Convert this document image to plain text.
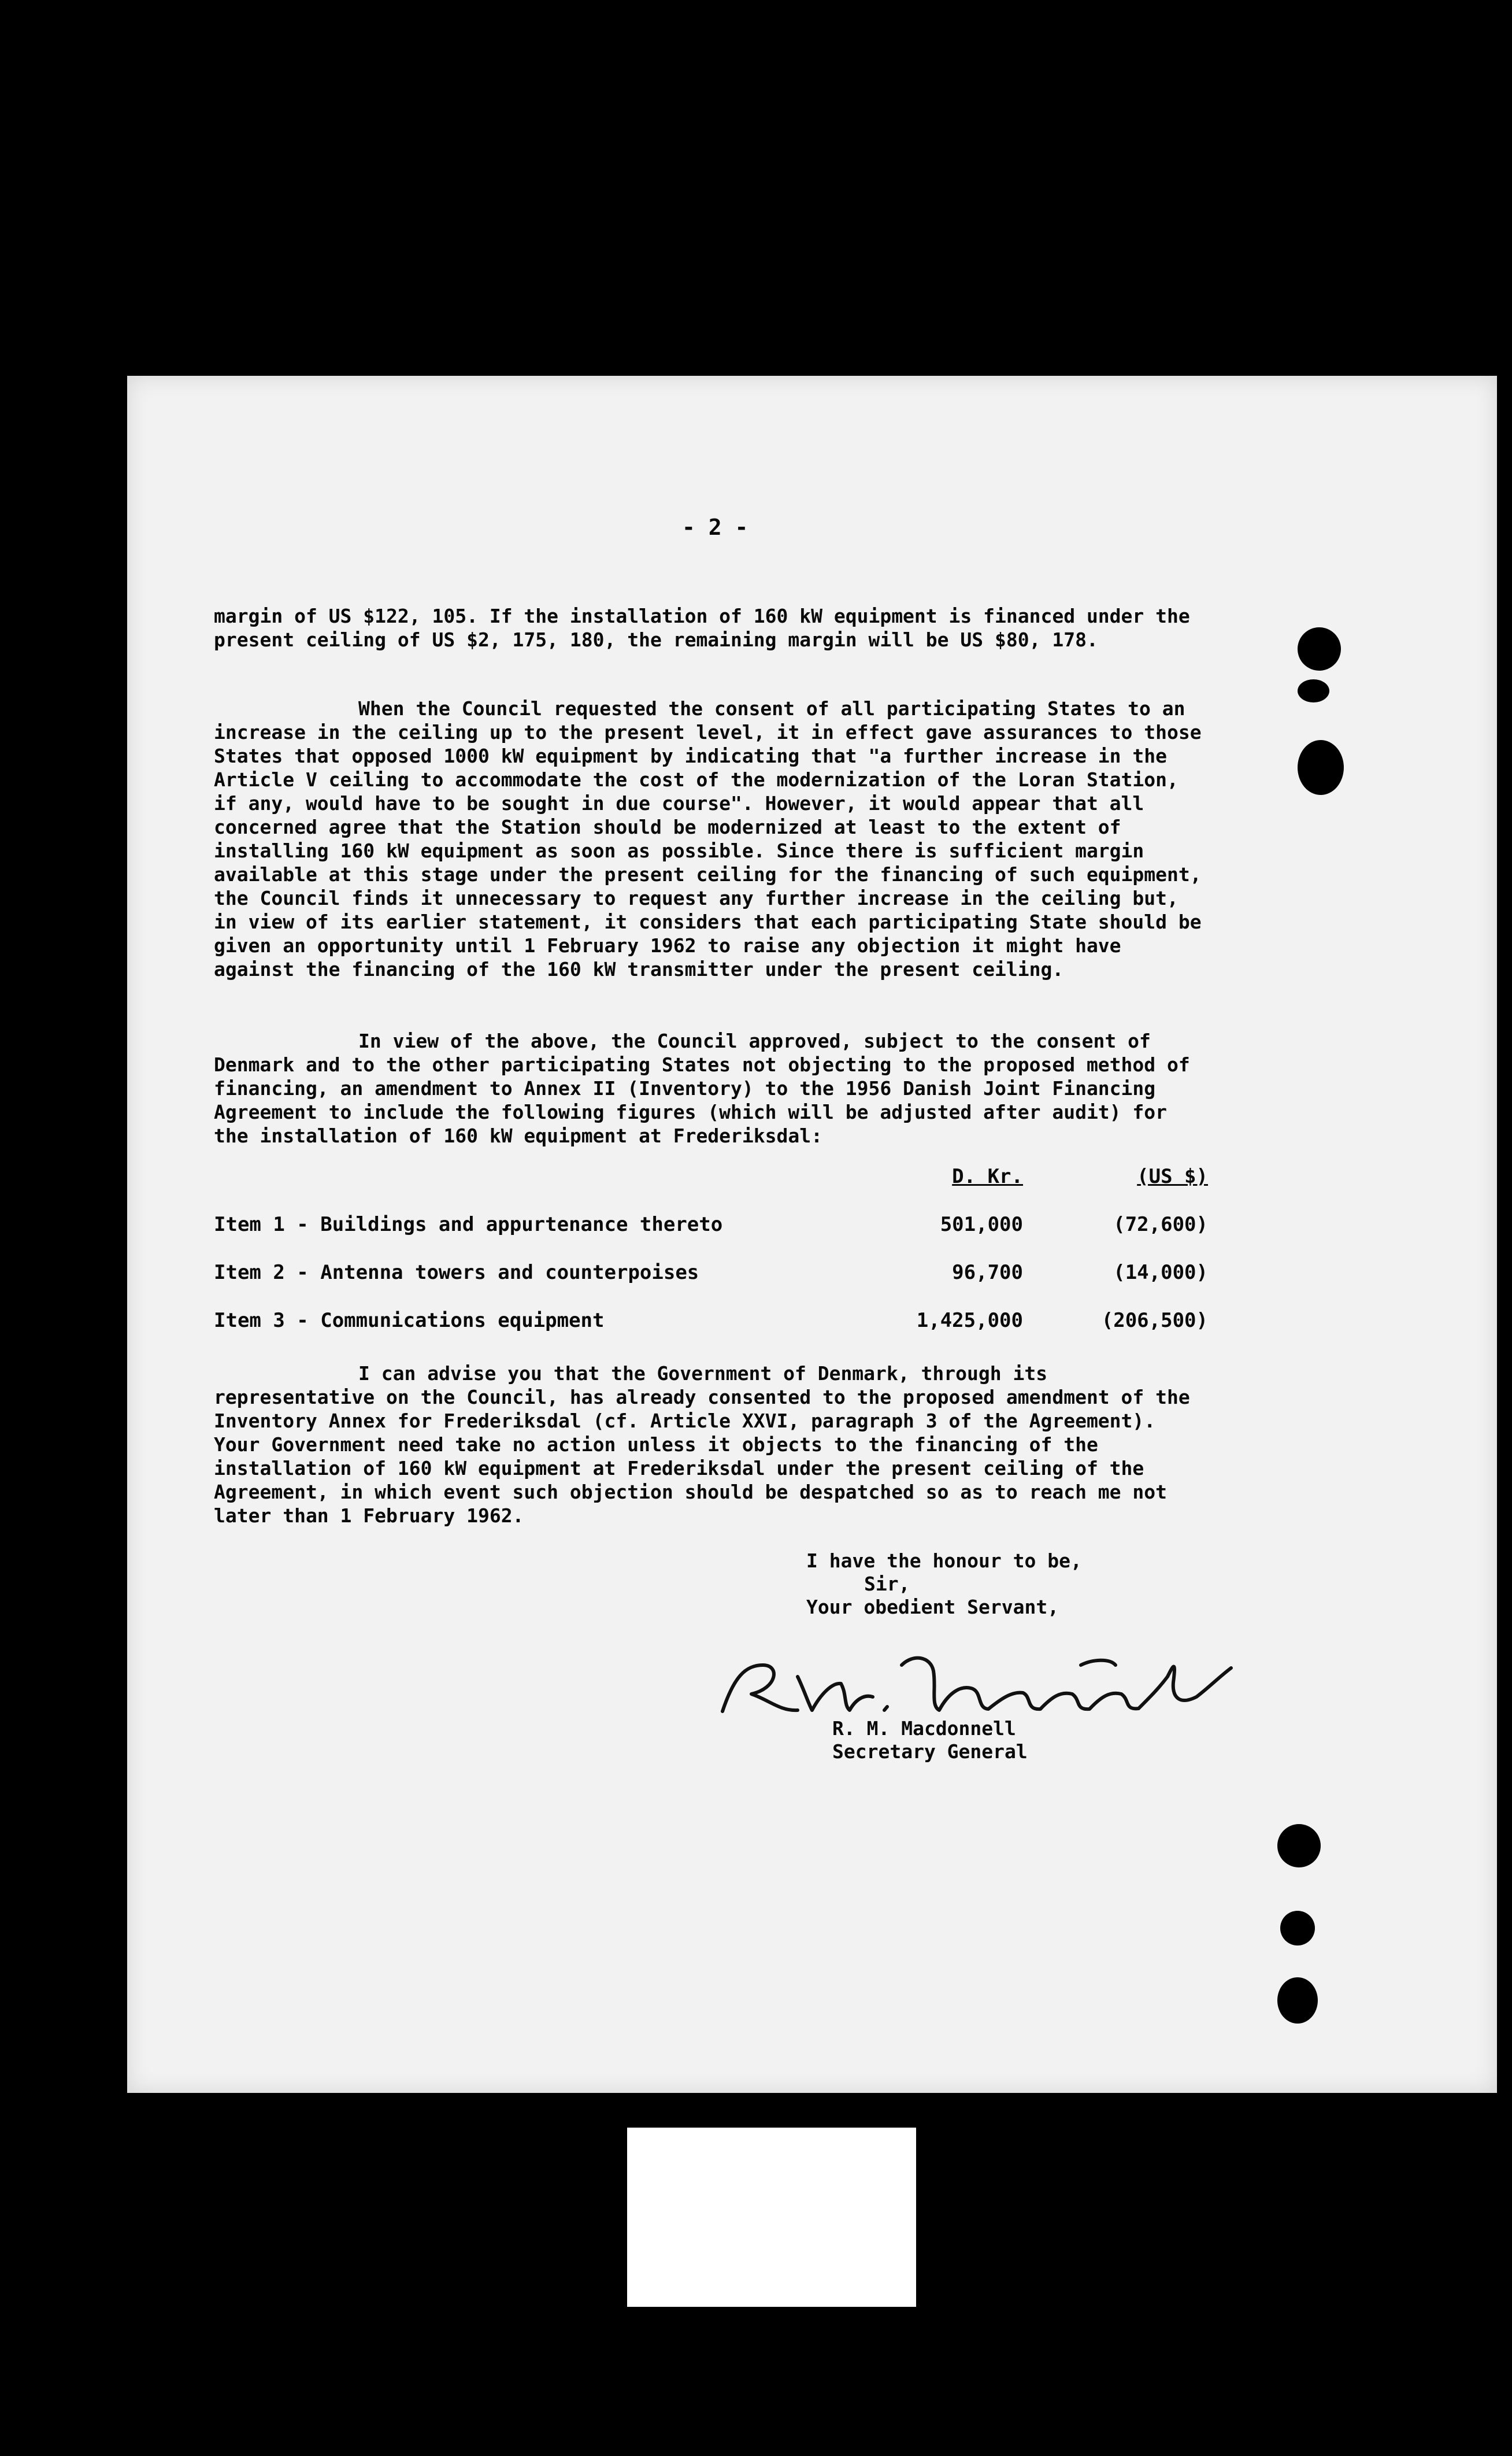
- 2 -

margin of US $122, 105. If the installation of 160 kW equipment is financed under the present ceiling of US $2, 175, 180, the remaining margin will be US $80, 178.

When the Council requested the consent of all participating States to an increase in the ceiling up to the present level, it in effect gave assurances to those States that opposed 1000 kW equipment by indicating that "a further increase in the Article V ceiling to accommodate the cost of the modernization of the Loran Station, if any, would have to be sought in due course". However, it would appear that all concerned agree that the Station should be modernized at least to the extent of installing 160 kW equipment as soon as possible. Since there is sufficient margin available at this stage under the present ceiling for the financing of such equipment, the Council finds it unnecessary to request any further increase in the ceiling but, in view of its earlier statement, it considers that each participating State should be given an opportunity until 1 February 1962 to raise any objection it might have against the financing of the 160 kW transmitter under the present ceiling.

In view of the above, the Council approved, subject to the consent of Denmark and to the other participating States not objecting to the proposed method of financing, an amendment to Annex II (Inventory) to the 1956 Danish Joint Financing Agreement to include the following figures (which will be adjusted after audit) for the installation of 160 kW equipment at Frederiksdal:

D. Kr.	(US $)
Item 1 - Buildings and appurtenance thereto	501,000	(72,600)
Item 2 - Antenna towers and counterpoises	96,700	(14,000)
Item 3 - Communications equipment	1,425,000	(206,500)

I can advise you that the Government of Denmark, through its representative on the Council, has already consented to the proposed amendment of the Inventory Annex for Frederiksdal (cf. Article XXVI, paragraph 3 of the Agreement). Your Government need take no action unless it objects to the financing of the installation of 160 kW equipment at Frederiksdal under the present ceiling of the Agreement, in which event such objection should be despatched so as to reach me not later than 1 February 1962.

I have the honour to be,
Sir,
Your obedient Servant,
R. M. Macdonnell
Secretary General
